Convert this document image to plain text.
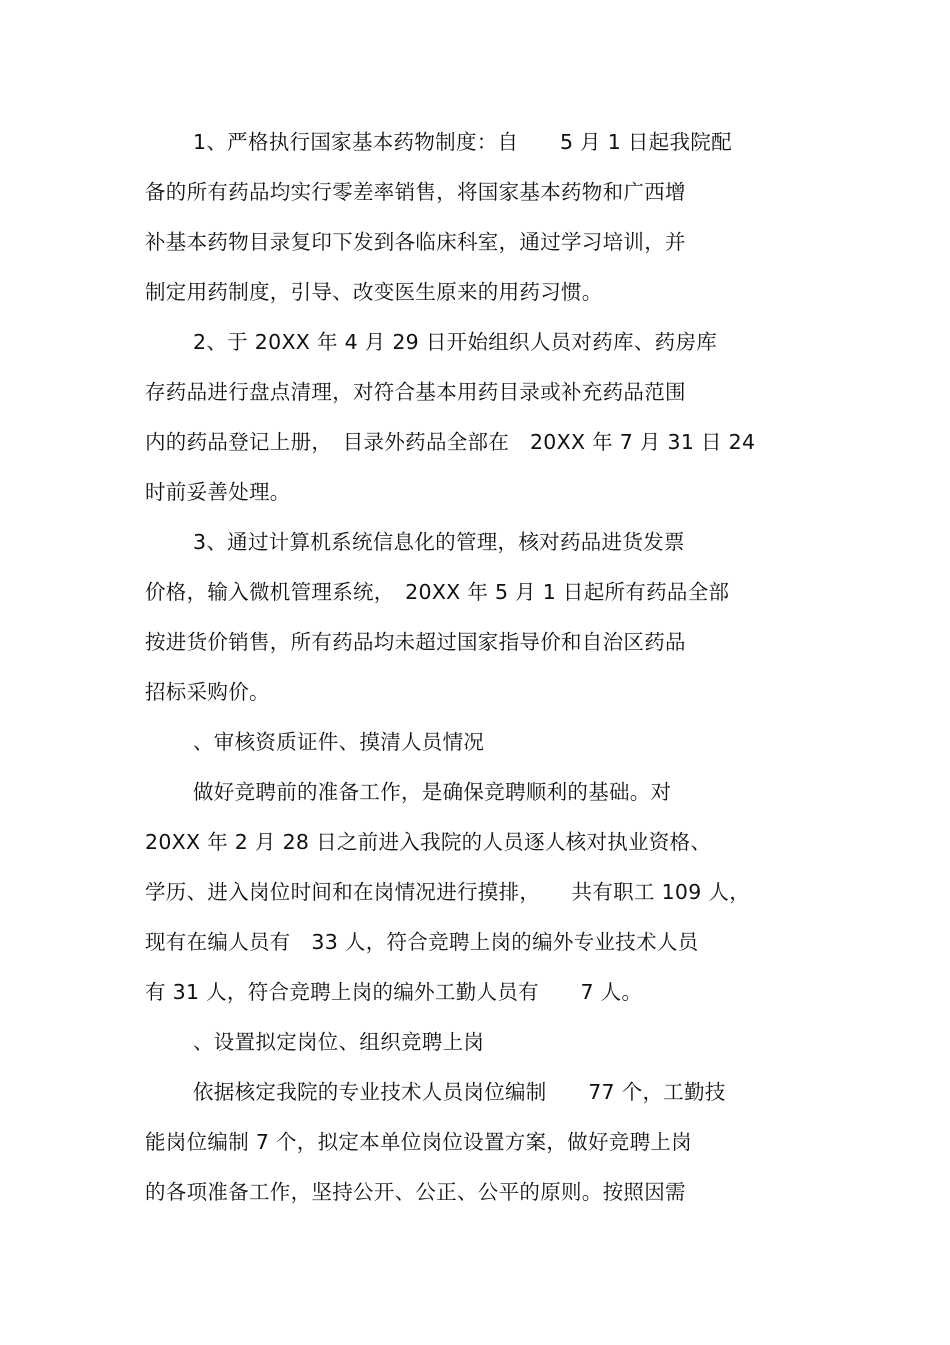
1、严格执行国家基本药物制度：自　　5 月 1 日起我院配
备的所有药品均实行零差率销售，将国家基本药物和广西增
补基本药物目录复印下发到各临床科室，通过学习培训，并
制定用药制度，引导、改变医生原来的用药习惯。
2、于 20XX 年 4 月 29 日开始组织人员对药库、药房库
存药品进行盘点清理，对符合基本用药目录或补充药品范围
内的药品登记上册，　目录外药品全部在　20XX 年 7 月 31 日 24
时前妥善处理。
3、通过计算机系统信息化的管理，核对药品进货发票
价格，输入微机管理系统，　20XX 年 5 月 1 日起所有药品全部
按进货价销售，所有药品均未超过国家指导价和自治区药品
招标采购价。
、审核资质证件、摸清人员情况
做好竞聘前的准备工作，是确保竞聘顺利的基础。对
20XX 年 2 月 28 日之前进入我院的人员逐人核对执业资格、
学历、进入岗位时间和在岗情况进行摸排，　　共有职工 109 人，
现有在编人员有　33 人，符合竞聘上岗的编外专业技术人员
有 31 人，符合竞聘上岗的编外工勤人员有　　7 人。
、设置拟定岗位、组织竞聘上岗
依据核定我院的专业技术人员岗位编制　　77 个，工勤技
能岗位编制 7 个，拟定本单位岗位设置方案，做好竞聘上岗
的各项准备工作，坚持公开、公正、公平的原则。按照因需
